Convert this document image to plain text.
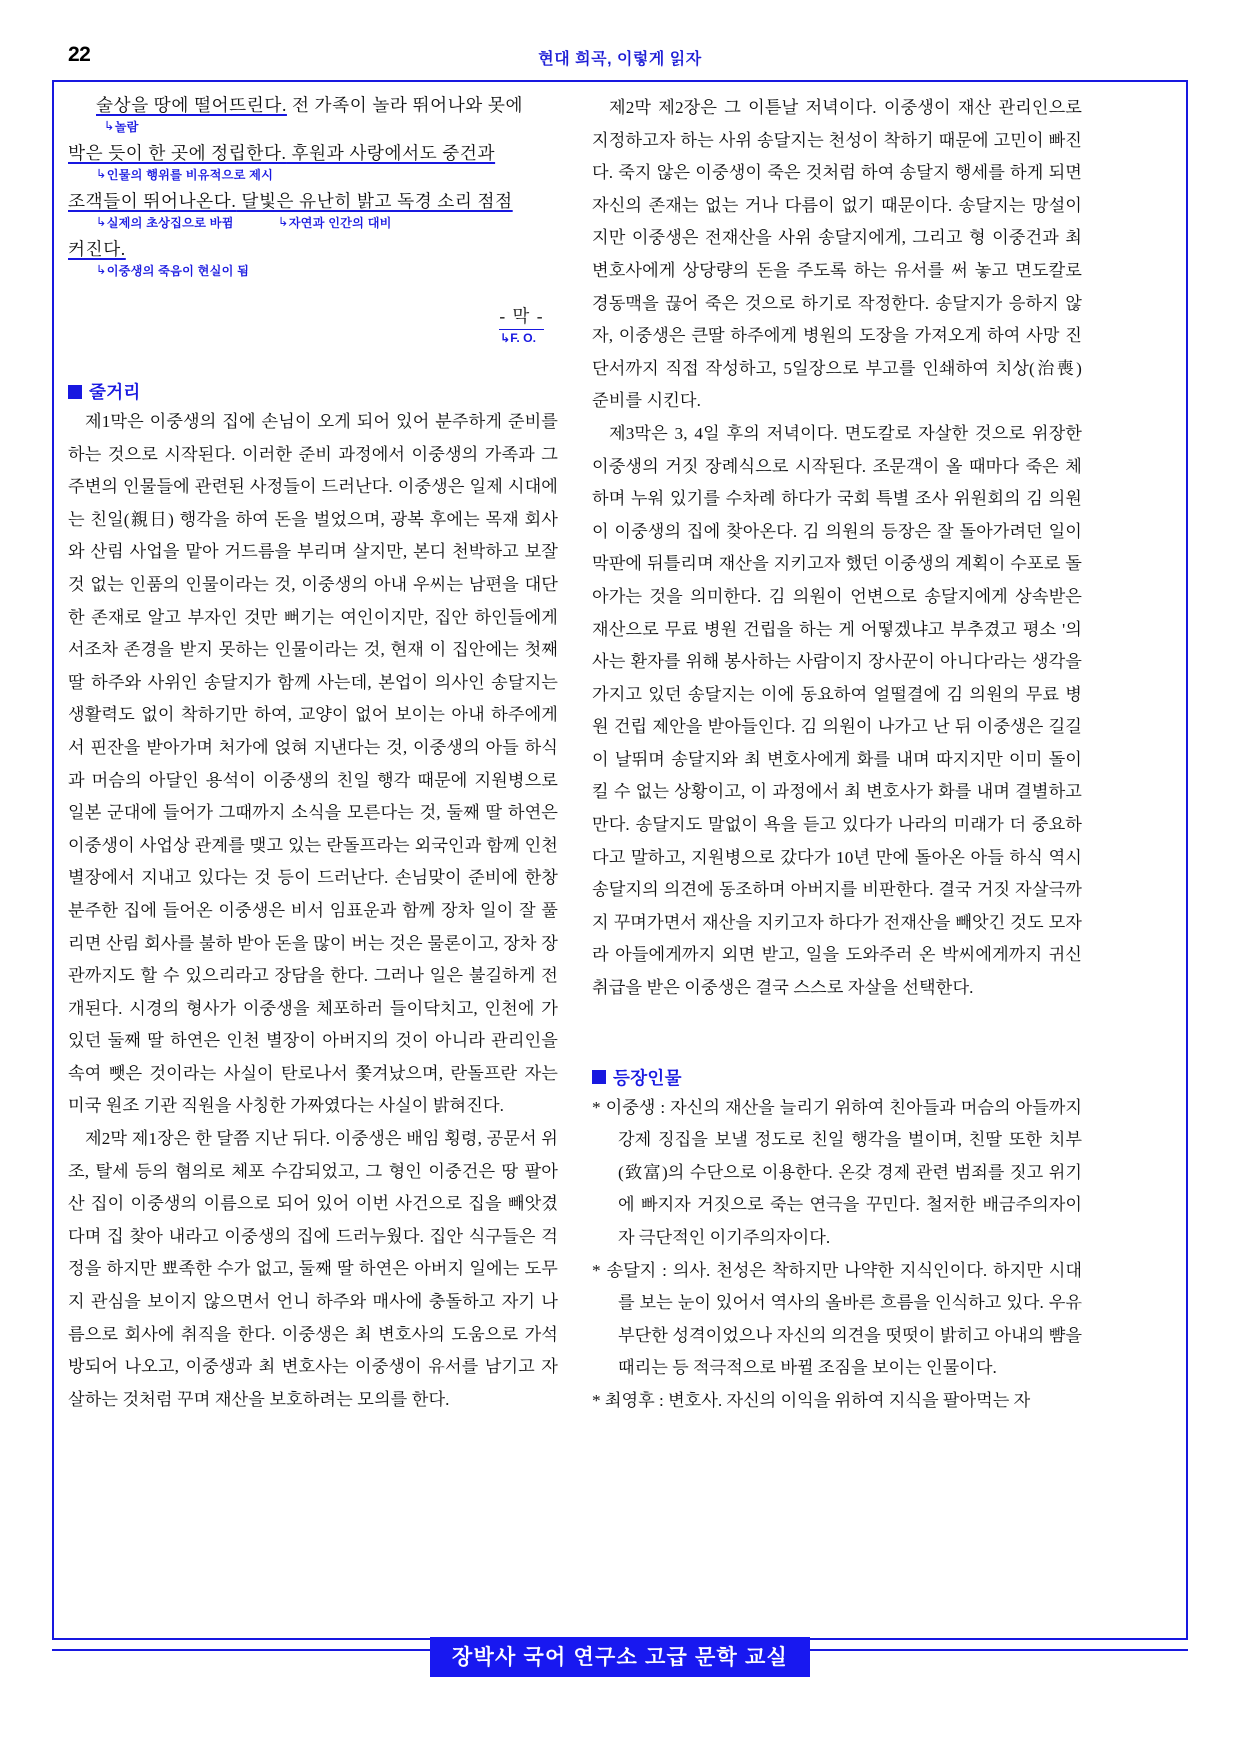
22	현대 희곡, 이렇게 읽자
술상을 땅에 떨어뜨린다. 전 가족이 놀라 뛰어나와 못에
↳놀람
박은 듯이 한 곳에 정립한다. 후원과 사랑에서도 중건과
↳인물의 행위를 비유적으로 제시
조객들이 뛰어나온다. 달빛은 유난히 밝고 독경 소리 점점
↳실제의 초상집으로 바뀜	↳자연과 인간의 대비
커진다.
↳이중생의 죽음이 현실이 됨
- 막 -
↳F. O.
줄거리

제1막은 이중생의 집에 손님이 오게 되어 있어 분주하게 준비를 하는 것으로 시작된다. 이러한 준비 과정에서 이중생의 가족과 그 주변의 인물들에 관련된 사정들이 드러난다. 이중생은 일제 시대에는 친일(親日) 행각을 하여 돈을 벌었으며, 광복 후에는 목재 회사와 산림 사업을 맡아 거드름을 부리며 살지만, 본디 천박하고 보잘것 없는 인품의 인물이라는 것, 이중생의 아내 우씨는 남편을 대단한 존재로 알고 부자인 것만 뻐기는 여인이지만, 집안 하인들에게서조차 존경을 받지 못하는 인물이라는 것, 현재 이 집안에는 첫째 딸 하주와 사위인 송달지가 함께 사는데, 본업이 의사인 송달지는 생활력도 없이 착하기만 하여, 교양이 없어 보이는 아내 하주에게서 핀잔을 받아가며 처가에 얹혀 지낸다는 것, 이중생의 아들 하식과 머슴의 아달인 용석이 이중생의 친일 행각 때문에 지원병으로 일본 군대에 들어가 그때까지 소식을 모른다는 것, 둘째 딸 하연은 이중생이 사업상 관계를 맺고 있는 란돌프라는 외국인과 함께 인천 별장에서 지내고 있다는 것 등이 드러난다. 손님맞이 준비에 한창 분주한 집에 들어온 이중생은 비서 임표운과 함께 장차 일이 잘 풀리면 산림 회사를 불하 받아 돈을 많이 버는 것은 물론이고, 장차 장관까지도 할 수 있으리라고 장담을 한다. 그러나 일은 불길하게 전개된다. 시경의 형사가 이중생을 체포하러 들이닥치고, 인천에 가 있던 둘째 딸 하연은 인천 별장이 아버지의 것이 아니라 관리인을 속여 뺏은 것이라는 사실이 탄로나서 쫓겨났으며, 란돌프란 자는 미국 원조 기관 직원을 사칭한 가짜였다는 사실이 밝혀진다.

제2막 제1장은 한 달쯤 지난 뒤다. 이중생은 배임 횡령, 공문서 위조, 탈세 등의 혐의로 체포 수감되었고, 그 형인 이중건은 땅 팔아 산 집이 이중생의 이름으로 되어 있어 이번 사건으로 집을 빼앗겼다며 집 찾아 내라고 이중생의 집에 드러누웠다. 집안 식구들은 걱정을 하지만 뾰족한 수가 없고, 둘째 딸 하연은 아버지 일에는 도무지 관심을 보이지 않으면서 언니 하주와 매사에 충돌하고 자기 나름으로 회사에 취직을 한다. 이중생은 최 변호사의 도움으로 가석방되어 나오고, 이중생과 최 변호사는 이중생이 유서를 남기고 자살하는 것처럼 꾸며 재산을 보호하려는 모의를 한다.

제2막 제2장은 그 이튿날 저녁이다. 이중생이 재산 관리인으로 지정하고자 하는 사위 송달지는 천성이 착하기 때문에 고민이 빠진다. 죽지 않은 이중생이 죽은 것처럼 하여 송달지 행세를 하게 되면 자신의 존재는 없는 거나 다름이 없기 때문이다. 송달지는 망설이지만 이중생은 전재산을 사위 송달지에게, 그리고 형 이중건과 최 변호사에게 상당량의 돈을 주도록 하는 유서를 써 놓고 면도칼로 경동맥을 끊어 죽은 것으로 하기로 작정한다. 송달지가 응하지 않자, 이중생은 큰딸 하주에게 병원의 도장을 가져오게 하여 사망 진단서까지 직접 작성하고, 5일장으로 부고를 인쇄하여 치상(治喪) 준비를 시킨다.

제3막은 3, 4일 후의 저녁이다. 면도칼로 자살한 것으로 위장한 이중생의 거짓 장례식으로 시작된다. 조문객이 올 때마다 죽은 체하며 누워 있기를 수차례 하다가 국회 특별 조사 위원회의 김 의원이 이중생의 집에 찾아온다. 김 의원의 등장은 잘 돌아가려던 일이 막판에 뒤틀리며 재산을 지키고자 했던 이중생의 계획이 수포로 돌아가는 것을 의미한다. 김 의원이 언변으로 송달지에게 상속받은 재산으로 무료 병원 건립을 하는 게 어떻겠냐고 부추겼고 평소 '의사는 환자를 위해 봉사하는 사람이지 장사꾼이 아니다'라는 생각을 가지고 있던 송달지는 이에 동요하여 얼떨결에 김 의원의 무료 병원 건립 제안을 받아들인다. 김 의원이 나가고 난 뒤 이중생은 길길이 날뛰며 송달지와 최 변호사에게 화를 내며 따지지만 이미 돌이킬 수 없는 상황이고, 이 과정에서 최 변호사가 화를 내며 결별하고 만다. 송달지도 말없이 욕을 듣고 있다가 나라의 미래가 더 중요하다고 말하고, 지원병으로 갔다가 10년 만에 돌아온 아들 하식 역시 송달지의 의견에 동조하며 아버지를 비판한다. 결국 거짓 자살극까지 꾸며가면서 재산을 지키고자 하다가 전재산을 빼앗긴 것도 모자라 아들에게까지 외면 받고, 일을 도와주러 온 박씨에게까지 귀신 취급을 받은 이중생은 결국 스스로 자살을 선택한다.

등장인물

* 이중생 : 자신의 재산을 늘리기 위하여 친아들과 머슴의 아들까지 강제 징집을 보낼 정도로 친일 행각을 벌이며, 친딸 또한 치부(致富)의 수단으로 이용한다. 온갖 경제 관련 범죄를 짓고 위기에 빠지자 거짓으로 죽는 연극을 꾸민다. 철저한 배금주의자이자 극단적인 이기주의자이다.

* 송달지 : 의사. 천성은 착하지만 나약한 지식인이다. 하지만 시대를 보는 눈이 있어서 역사의 올바른 흐름을 인식하고 있다. 우유부단한 성격이었으나 자신의 의견을 떳떳이 밝히고 아내의 뺨을 때리는 등 적극적으로 바뀔 조짐을 보이는 인물이다.

* 최영후 : 변호사. 자신의 이익을 위하여 지식을 팔아먹는 자

장박사 국어 연구소 고급 문학 교실
